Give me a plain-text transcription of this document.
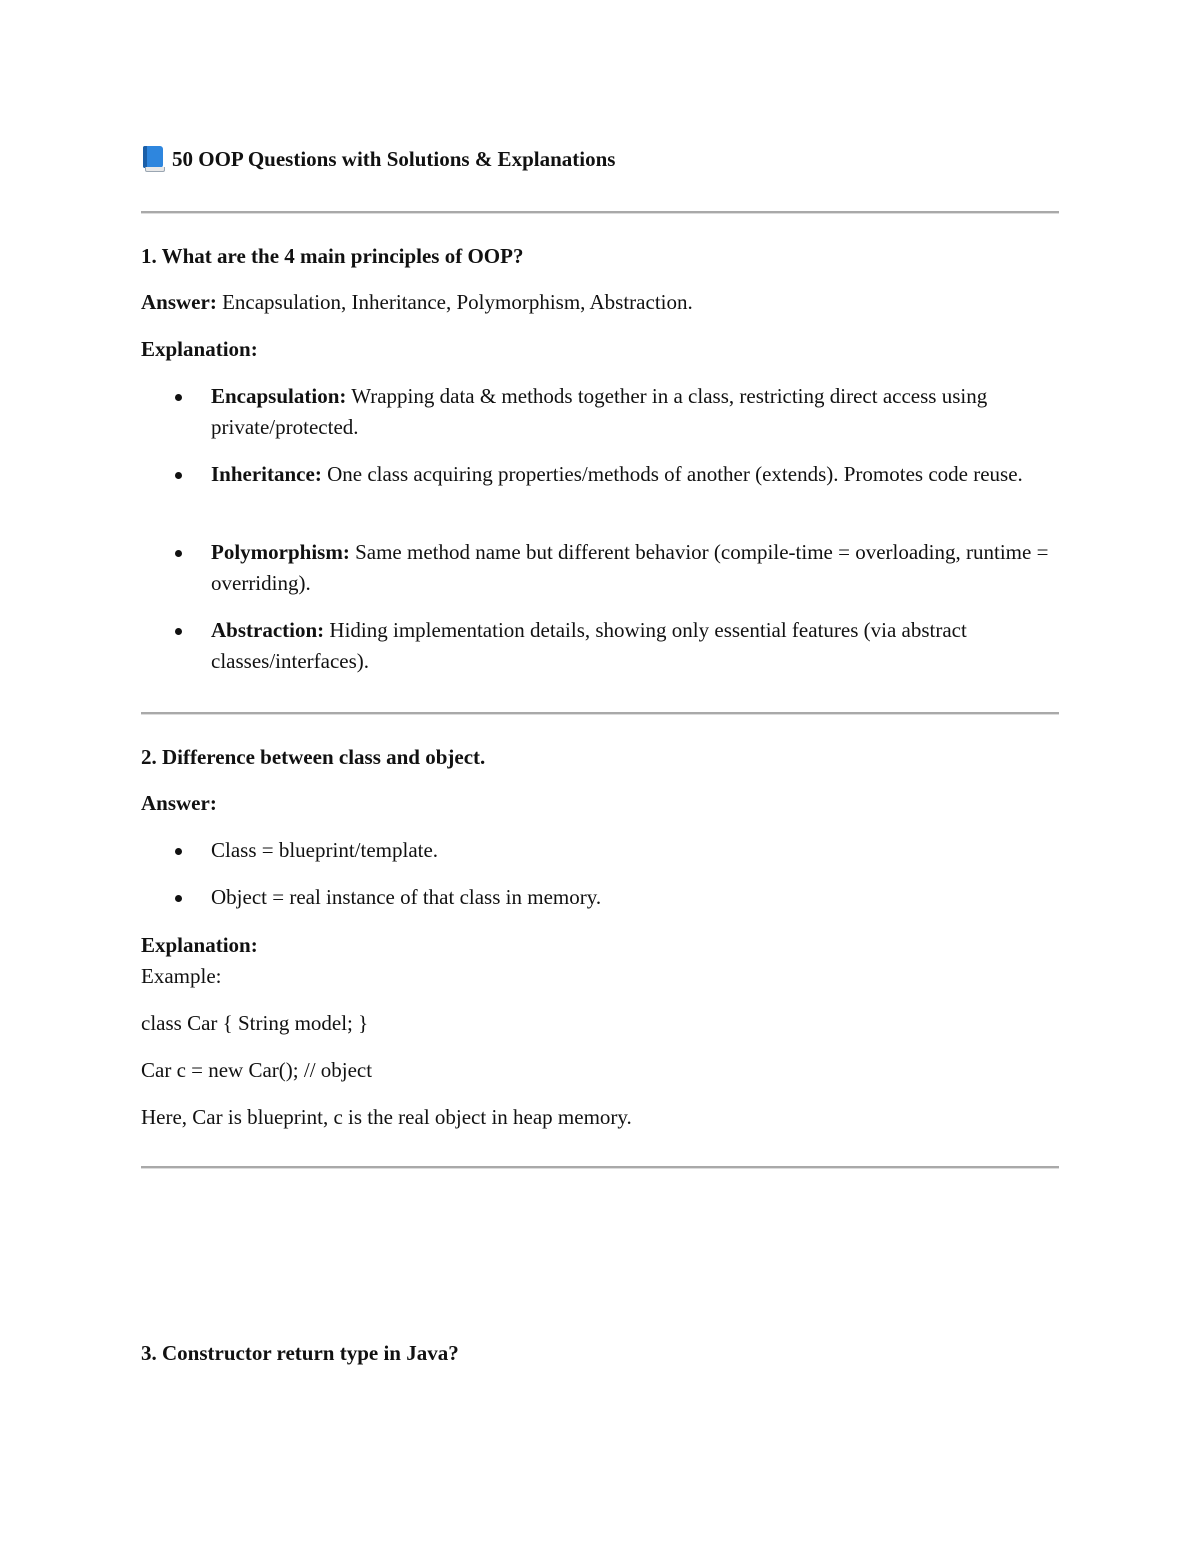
50 OOP Questions with Solutions & Explanations
1. What are the 4 main principles of OOP?
Answer: Encapsulation, Inheritance, Polymorphism, Abstraction.
Explanation:
Encapsulation: Wrapping data & methods together in a class, restricting direct access using private/protected.
Inheritance: One class acquiring properties/methods of another (extends). Promotes code reuse.
Polymorphism: Same method name but different behavior (compile-time = overloading, runtime = overriding).
Abstraction: Hiding implementation details, showing only essential features (via abstract classes/interfaces).
2. Difference between class and object.
Answer:
Class = blueprint/template.
Object = real instance of that class in memory.
Explanation:
Example:
class Car { String model; }
Car c = new Car(); // object
Here, Car is blueprint, c is the real object in heap memory.
3. Constructor return type in Java?
